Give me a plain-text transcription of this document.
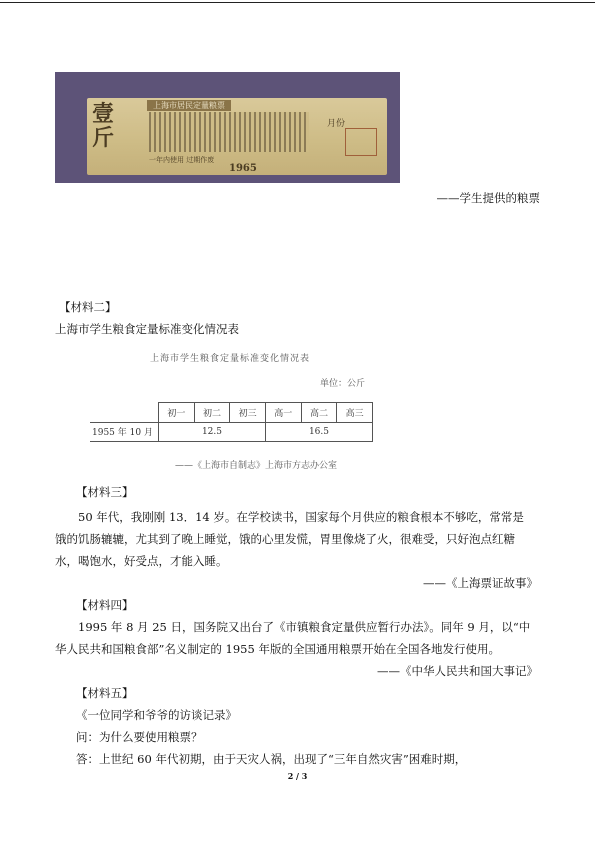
壹
斤
上海市居民定量粮票
月份
一年内使用 过期作废
1965
——学生提供的粮票
【材料二】
上海市学生粮食定量标准变化情况表
上海市学生粮食定量标准变化情况表
单位：公斤
	初一	初二	初三	高一	高二	高三
1955 年 10 月	12.5			16.5		
——《上海市自制志》上海市方志办公室
【材料三】
50 年代，我刚刚 13．14 岁。在学校读书，国家每个月供应的粮食根本不够吃，常常是
饿的饥肠辘辘，尤其到了晚上睡觉，饿的心里发慌，胃里像烧了火，很难受，只好泡点红糖
水，喝饱水，好受点，才能入睡。
——《上海票证故事》
【材料四】
1995 年 8 月 25 日，国务院又出台了《市镇粮食定量供应暂行办法》。同年 9 月，以“中
华人民共和国粮食部”名义制定的 1955 年版的全国通用粮票开始在全国各地发行使用。
——《中华人民共和国大事记》
【材料五】
《一位同学和爷爷的访谈记录》
问：为什么要使用粮票？
答：上世纪 60 年代初期，由于天灾人祸，出现了“三年自然灾害”困难时期，
2 / 3
